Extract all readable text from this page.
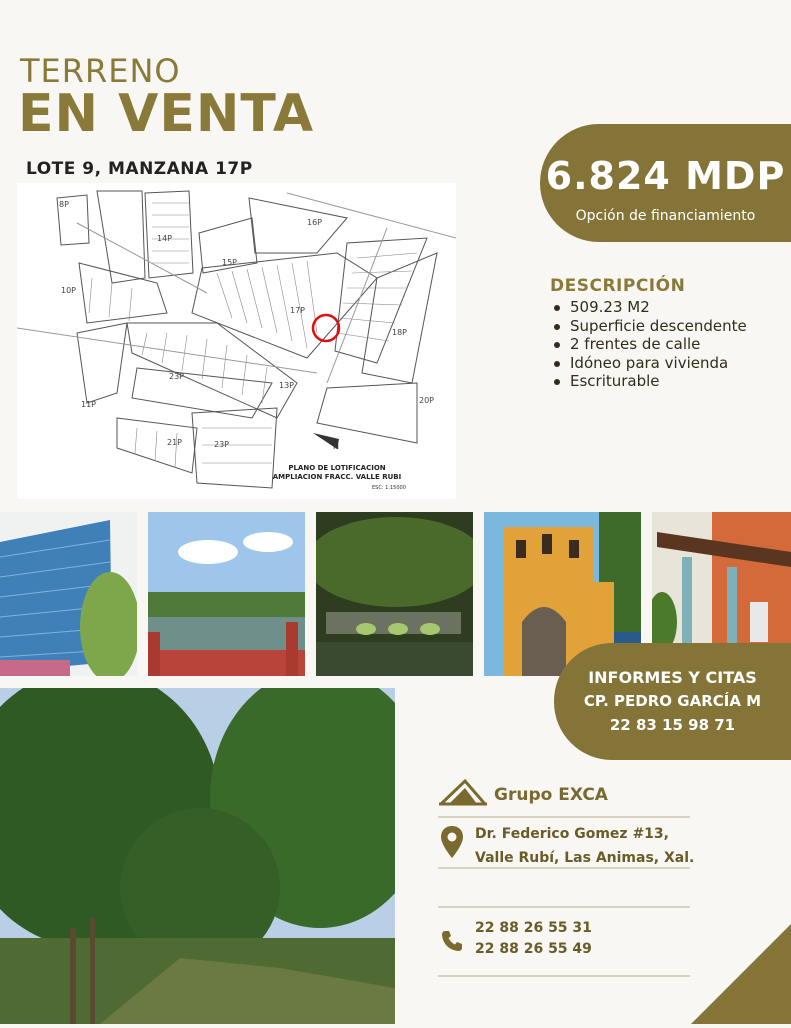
TERRENO
EN VENTA
LOTE 9, MANZANA 17P
8P
14P
15P
16P
17P
18P
10P
11P
13P
23P
21P	23P
20P
N
PLANO DE LOTIFICACION
AMPLIACION FRACC. VALLE RUBI
ESC: 1:15000
6.824 MDP
Opción de financiamiento
DESCRIPCIÓN
509.23 M2
Superficie descendente
2 frentes de calle
Idóneo para vivienda
Escriturable
INFORMES Y CITAS
CP. PEDRO GARCÍA M
22 83 15 98 71
Grupo EXCA
Dr. Federico Gomez #13,
Valle Rubí, Las Animas, Xal.
22 88 26 55 31
22 88 26 55 49
